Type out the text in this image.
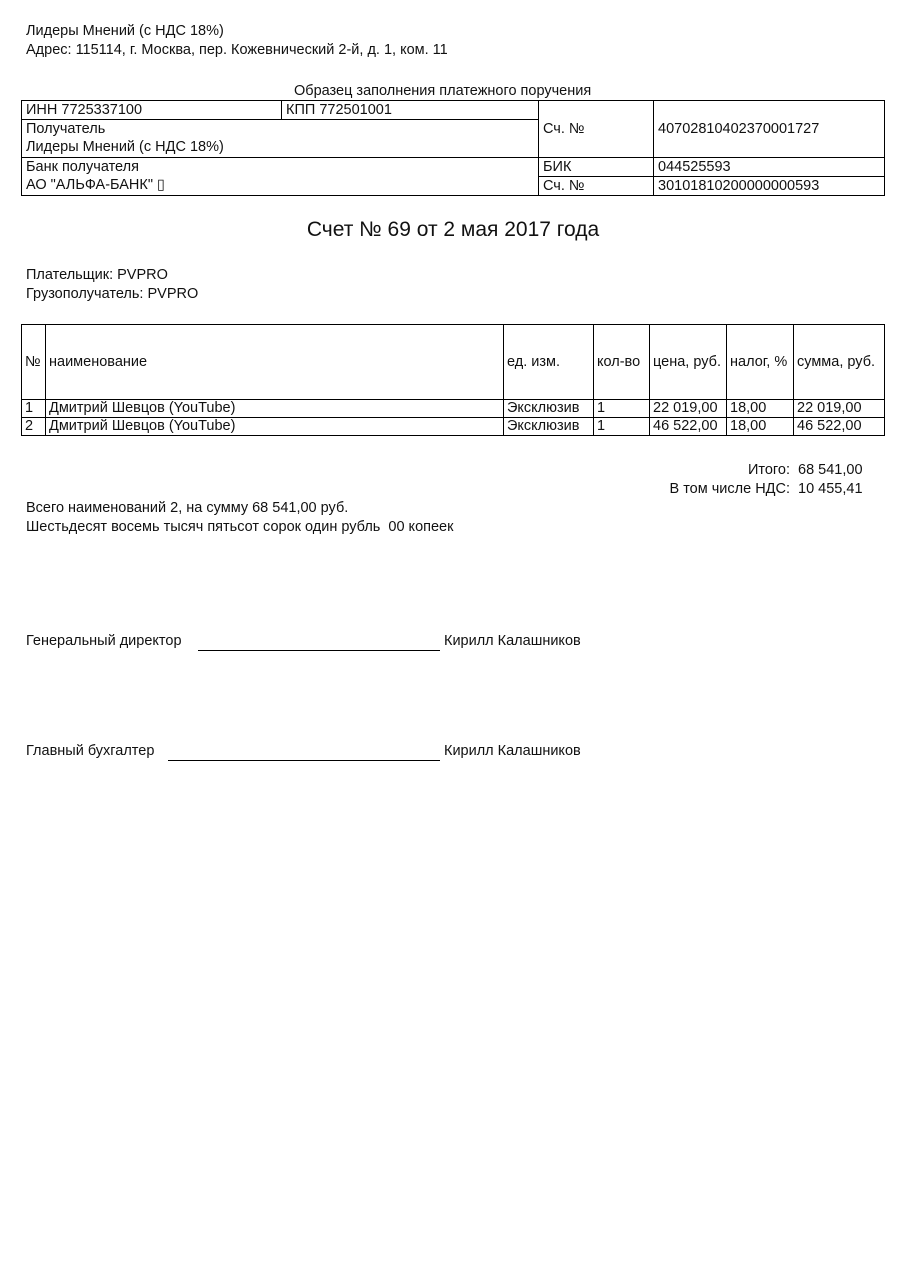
Лидеры Мнений (с НДС 18%)
Адрес: 115114, г. Москва, пер. Кожевнический 2-й, д. 1, ком. 11
Образец заполнения платежного поручения
ИНН 7725337100	КПП 772501001	Сч. №	40702810402370001727

Получатель
Лидеры Мнений (с НДС 18%)			

Банк получателя
АО "АЛЬФА-БАНК" ▯		БИК	044525593
		Сч. №	30101810200000000593
Счет № 69 от 2 мая 2017 года
Плательщик: PVPRO
Грузополучатель: PVPRO
№	наименование	ед. изм.	кол-во	цена, руб.	налог, %	сумма, руб.
1	Дмитрий Шевцов (YouTube)	Эксклюзив	1	22 019,00	18,00	22 019,00
2	Дмитрий Шевцов (YouTube)	Эксклюзив	1	46 522,00	18,00	46 522,00
Итого: 68 541,00
В том числе НДС: 10 455,41
Всего наименований 2, на сумму 68 541,00 руб.
Шестьдесят восемь тысяч пятьсот сорок один рубль  00 копеек
Генеральный директор	Кирилл Калашников
Главный бухгалтер	Кирилл Калашников
